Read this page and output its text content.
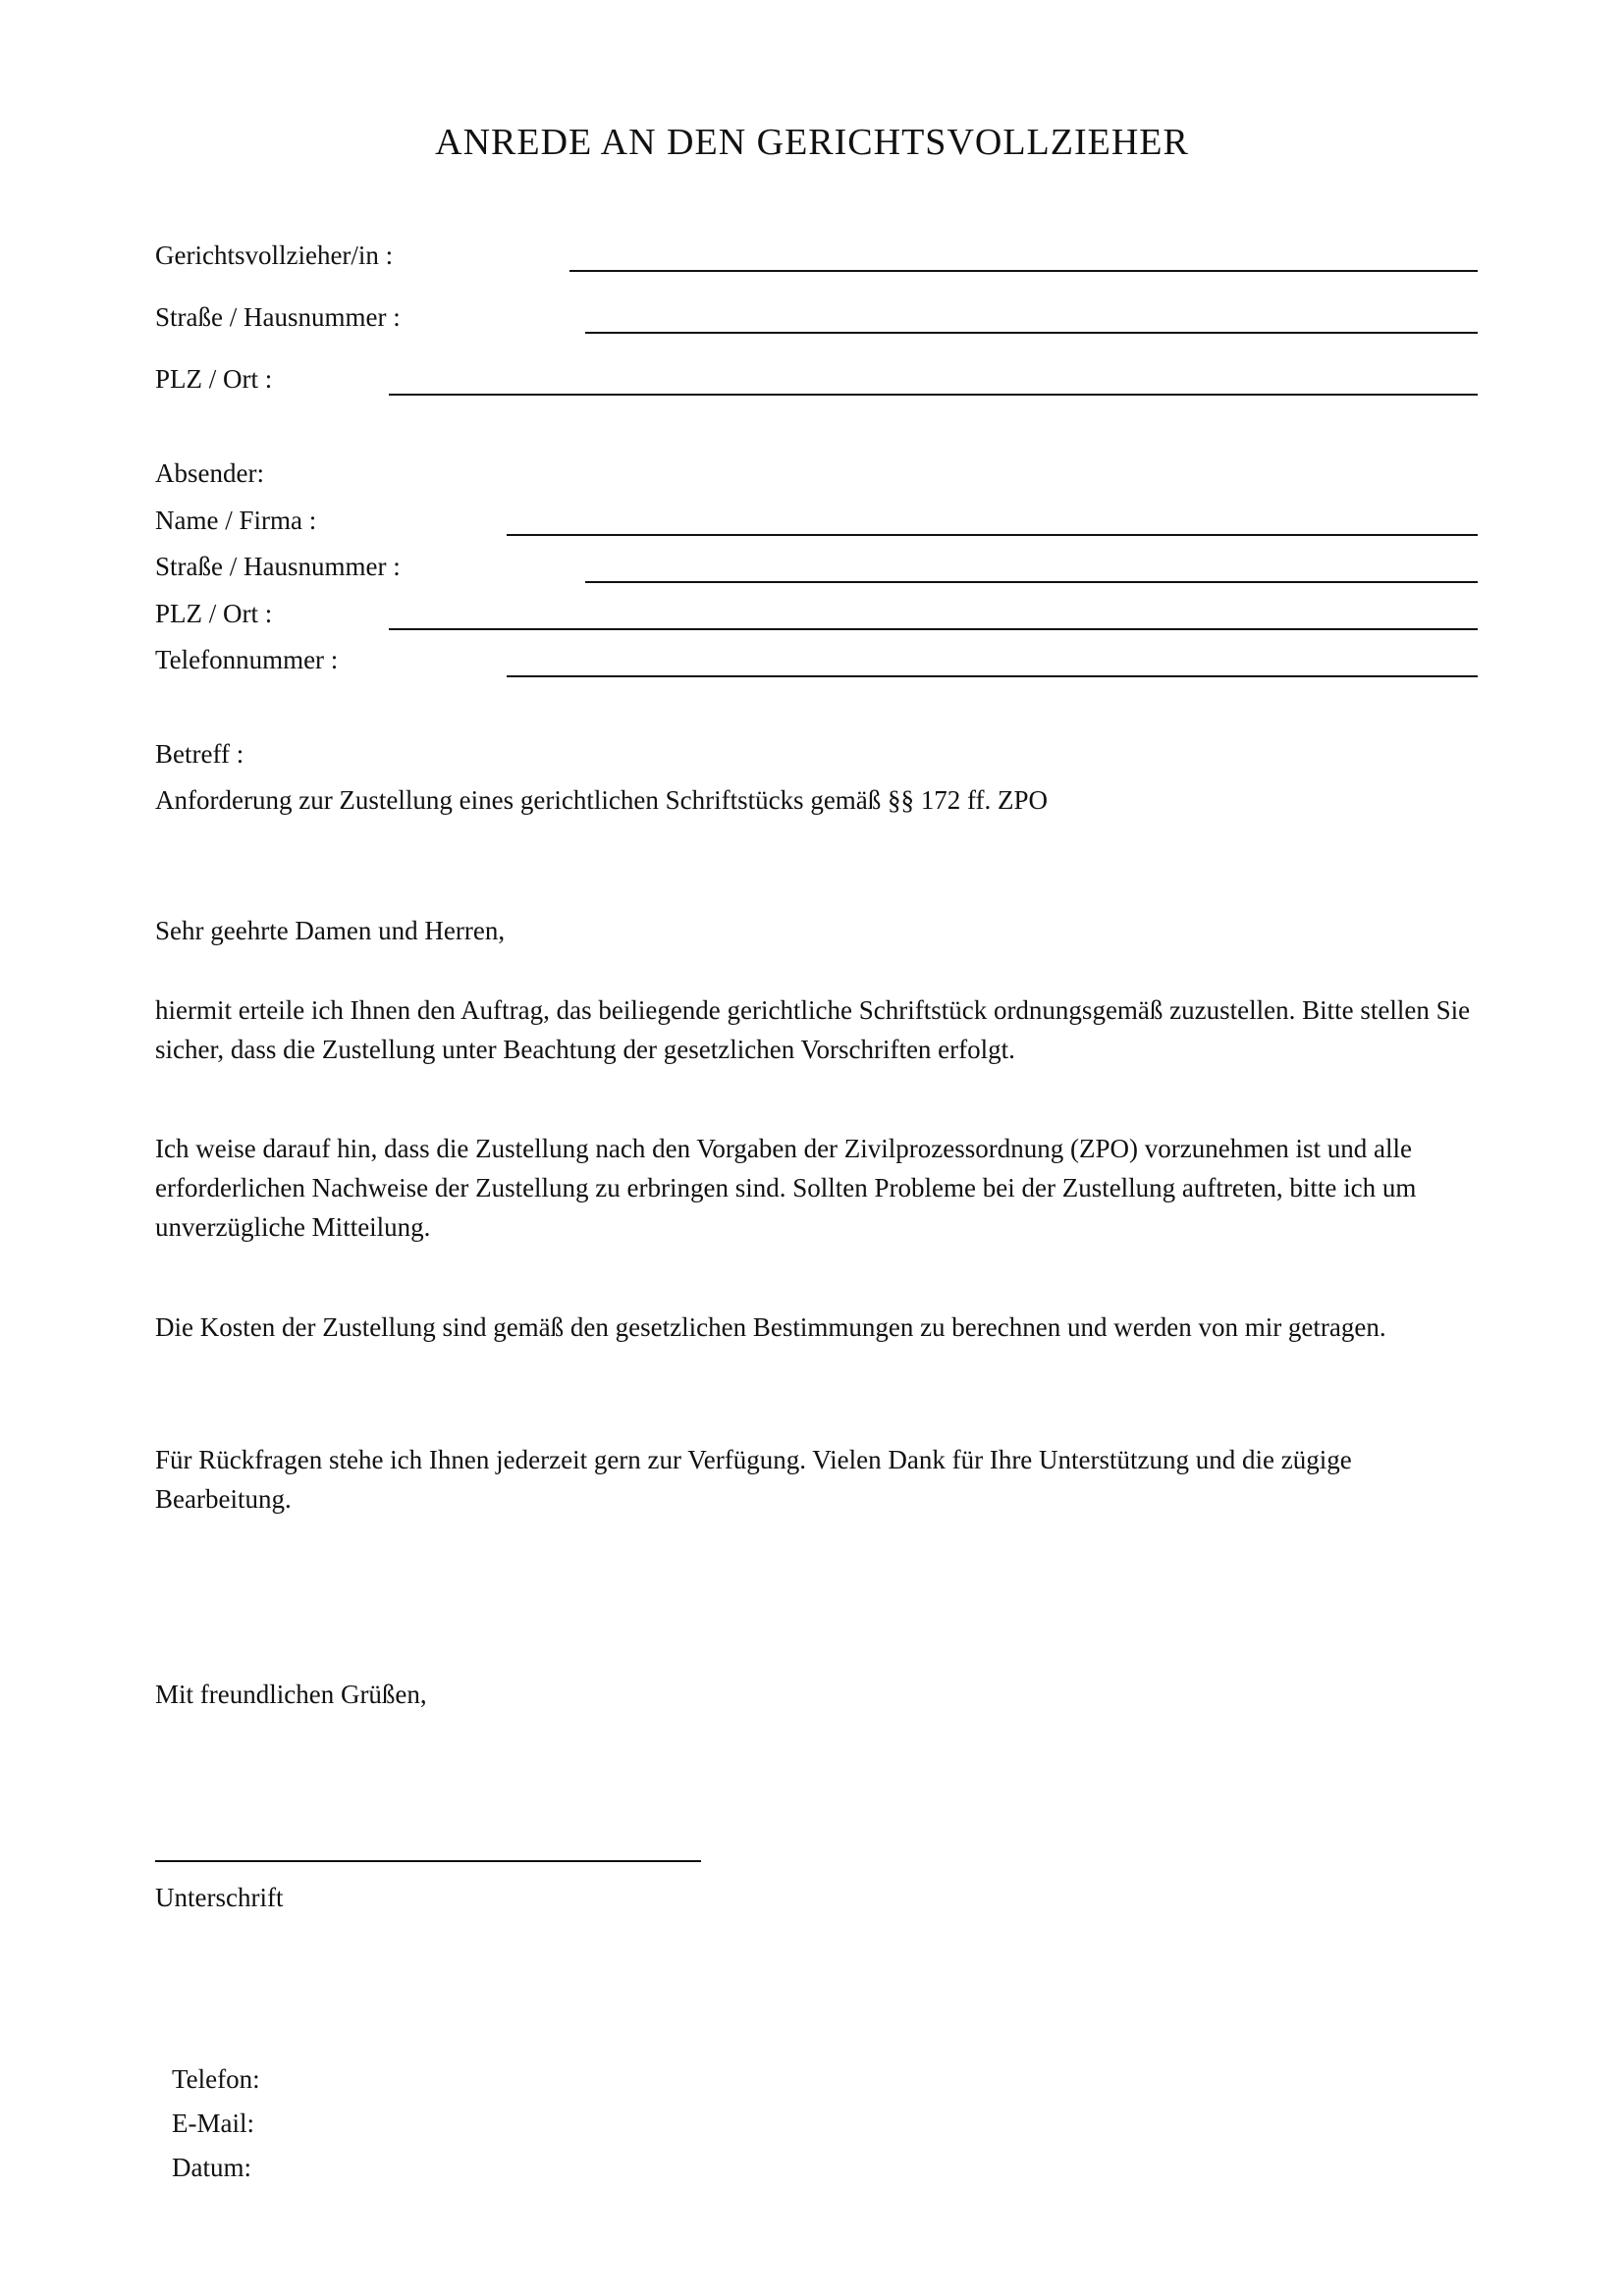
ANREDE AN DEN GERICHTSVOLLZIEHER
Gerichtsvollzieher/in :
Straße / Hausnummer :
PLZ / Ort :
Absender:
Name / Firma :
Straße / Hausnummer :
PLZ / Ort :
Telefonnummer :
Betreff :
Anforderung zur Zustellung eines gerichtlichen Schriftstücks gemäß §§ 172 ff. ZPO
Sehr geehrte Damen und Herren,
hiermit erteile ich Ihnen den Auftrag, das beiliegende gerichtliche Schriftstück ordnungsgemäß zuzustellen. Bitte stellen Sie sicher, dass die Zustellung unter Beachtung der gesetzlichen Vorschriften erfolgt.
Ich weise darauf hin, dass die Zustellung nach den Vorgaben der Zivilprozessordnung (ZPO) vorzunehmen ist und alle erforderlichen Nachweise der Zustellung zu erbringen sind. Sollten Probleme bei der Zustellung auftreten, bitte ich um unverzügliche Mitteilung.
Die Kosten der Zustellung sind gemäß den gesetzlichen Bestimmungen zu berechnen und werden von mir getragen.
Für Rückfragen stehe ich Ihnen jederzeit gern zur Verfügung. Vielen Dank für Ihre Unterstützung und die zügige Bearbeitung.
Mit freundlichen Grüßen,
Unterschrift
Telefon:
E-Mail:
Datum:
